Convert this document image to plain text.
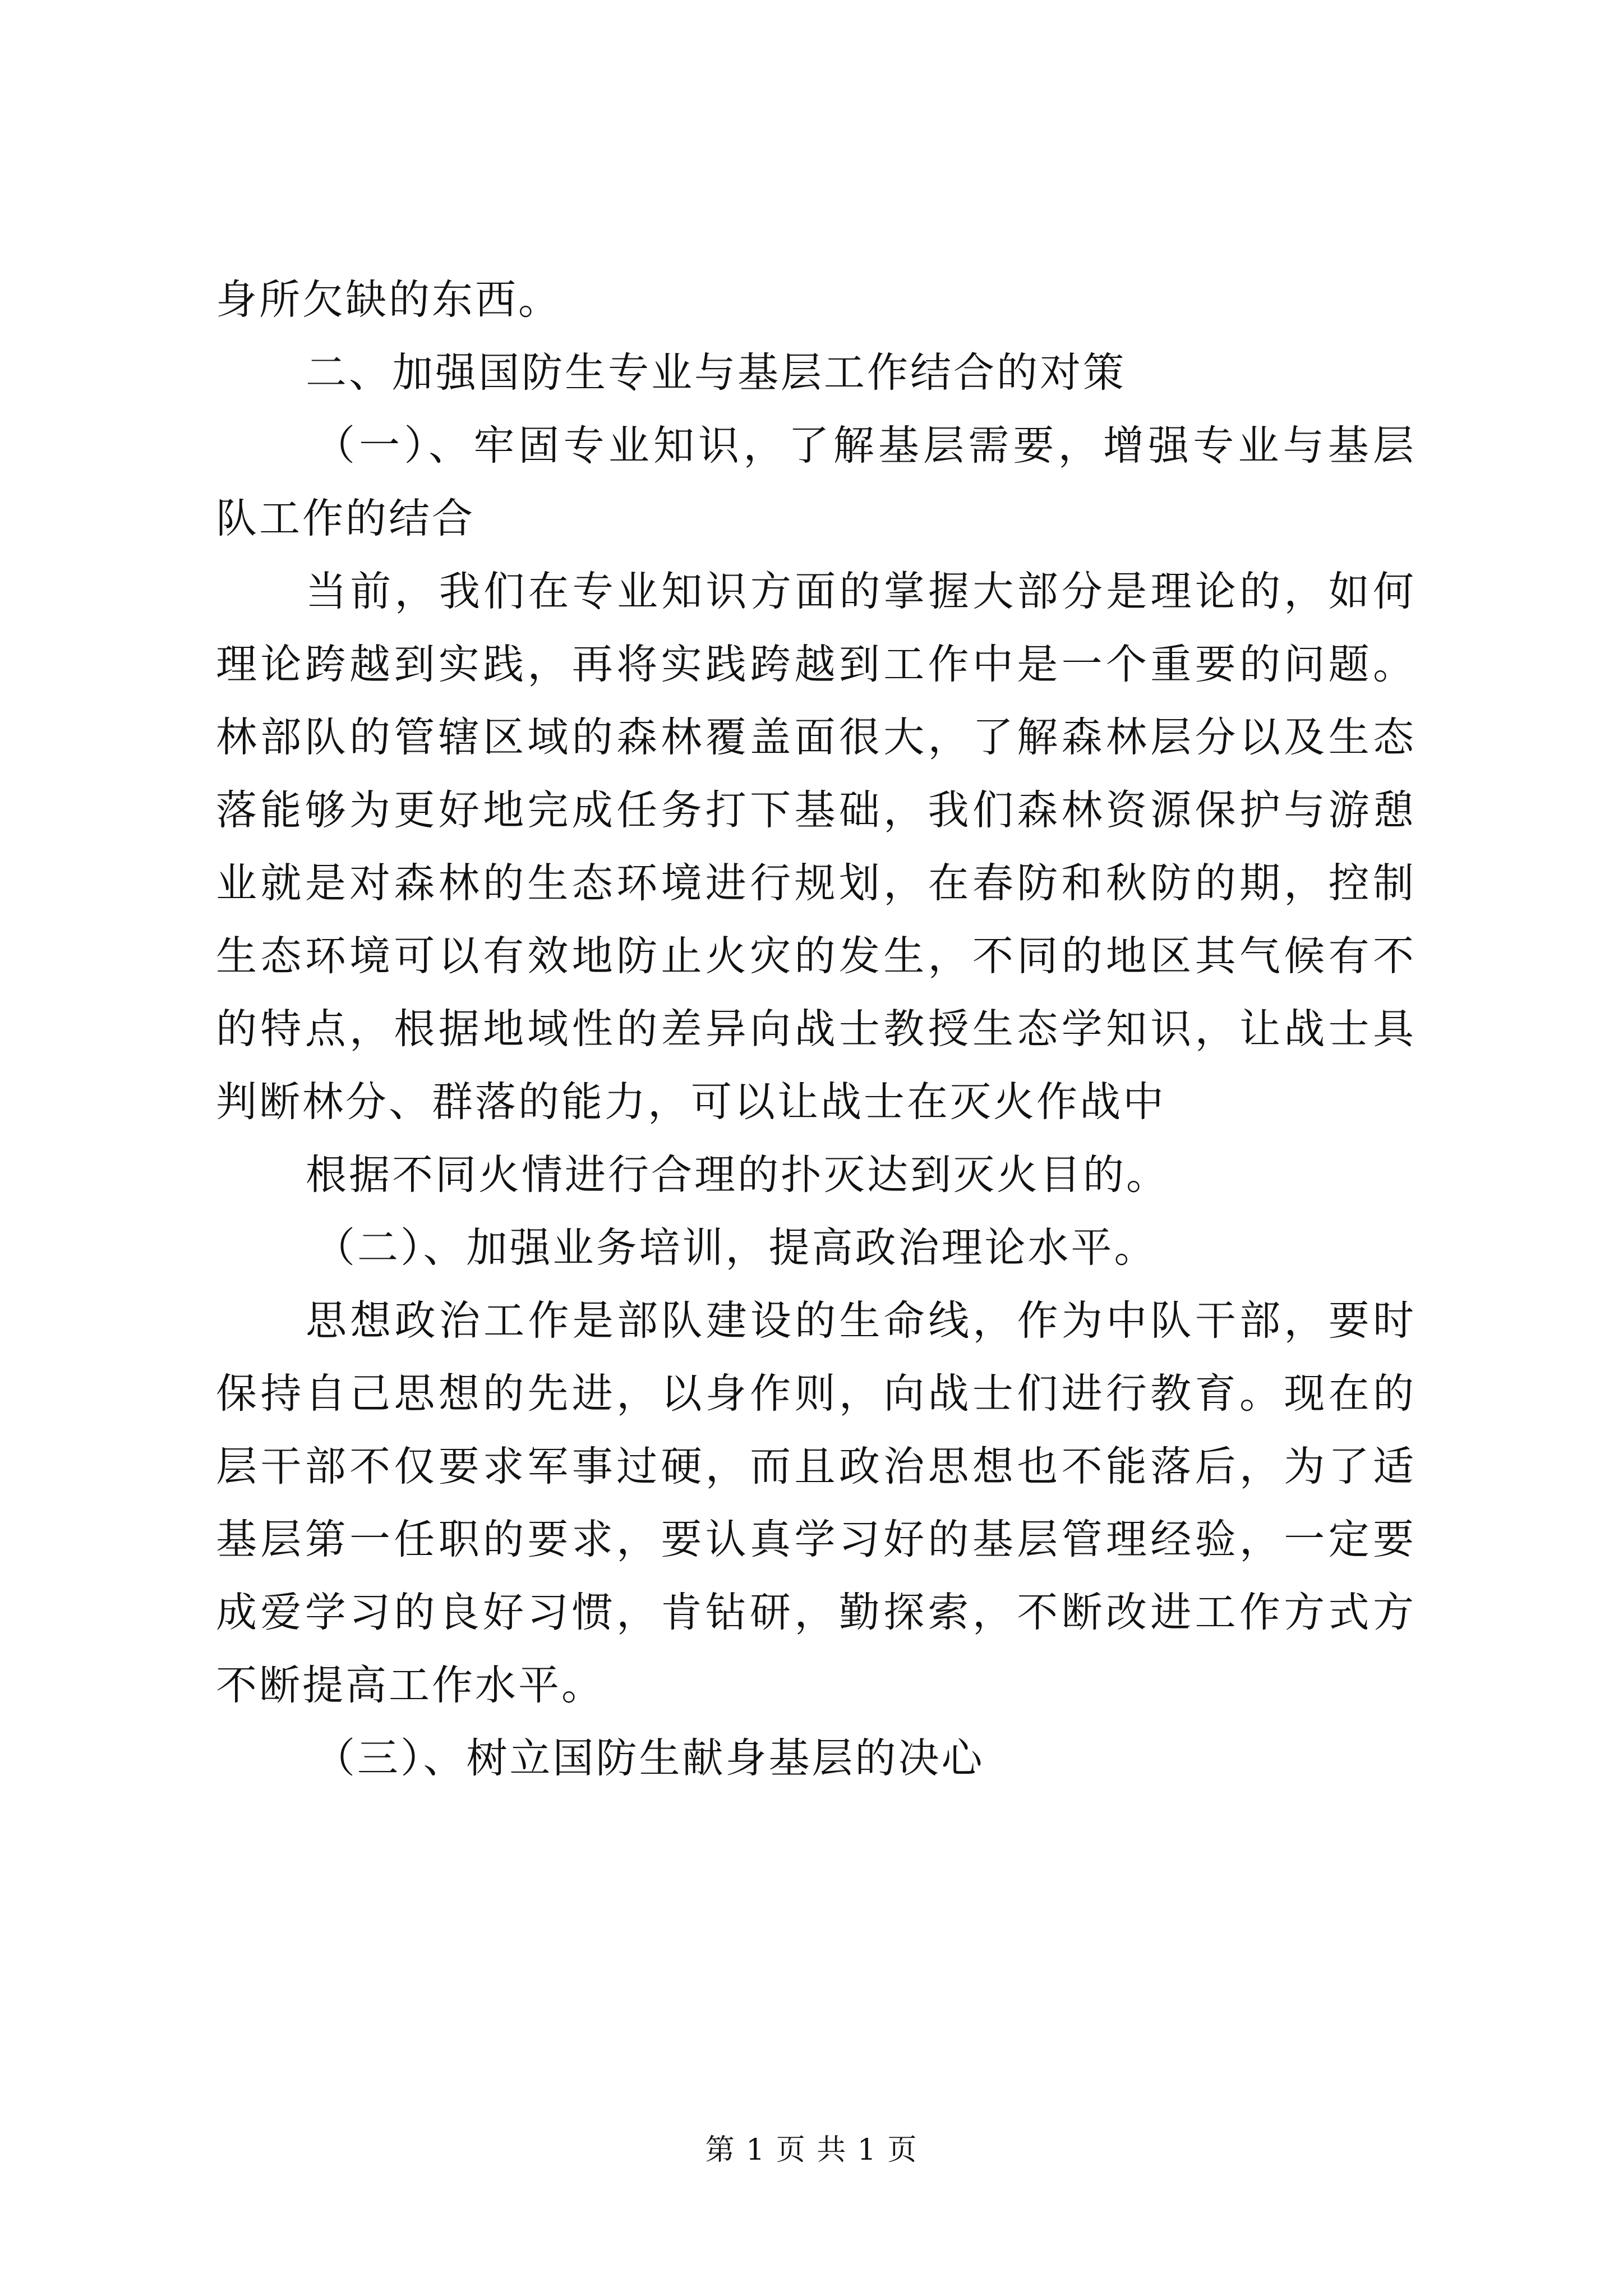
身所欠缺的东西。
二、加强国防生专业与基层工作结合的对策
（一）、牢固专业知识，了解基层需要，增强专业与基层
队工作的结合
当前，我们在专业知识方面的掌握大部分是理论的，如何
理论跨越到实践，再将实践跨越到工作中是一个重要的问题。
林部队的管辖区域的森林覆盖面很大，了解森林层分以及生态
落能够为更好地完成任务打下基础，我们森林资源保护与游憩
业就是对森林的生态环境进行规划，在春防和秋防的期，控制
生态环境可以有效地防止火灾的发生，不同的地区其气候有不
的特点，根据地域性的差异向战士教授生态学知识，让战士具
判断林分、群落的能力，可以让战士在灭火作战中
根据不同火情进行合理的扑灭达到灭火目的。
（二）、加强业务培训，提高政治理论水平。
思想政治工作是部队建设的生命线，作为中队干部，要时
保持自己思想的先进，以身作则，向战士们进行教育。现在的
层干部不仅要求军事过硬，而且政治思想也不能落后，为了适
基层第一任职的要求，要认真学习好的基层管理经验，一定要
成爱学习的良好习惯，肯钻研，勤探索，不断改进工作方式方
不断提高工作水平。
（三）、树立国防生献身基层的决心
第 1 页 共 1 页
